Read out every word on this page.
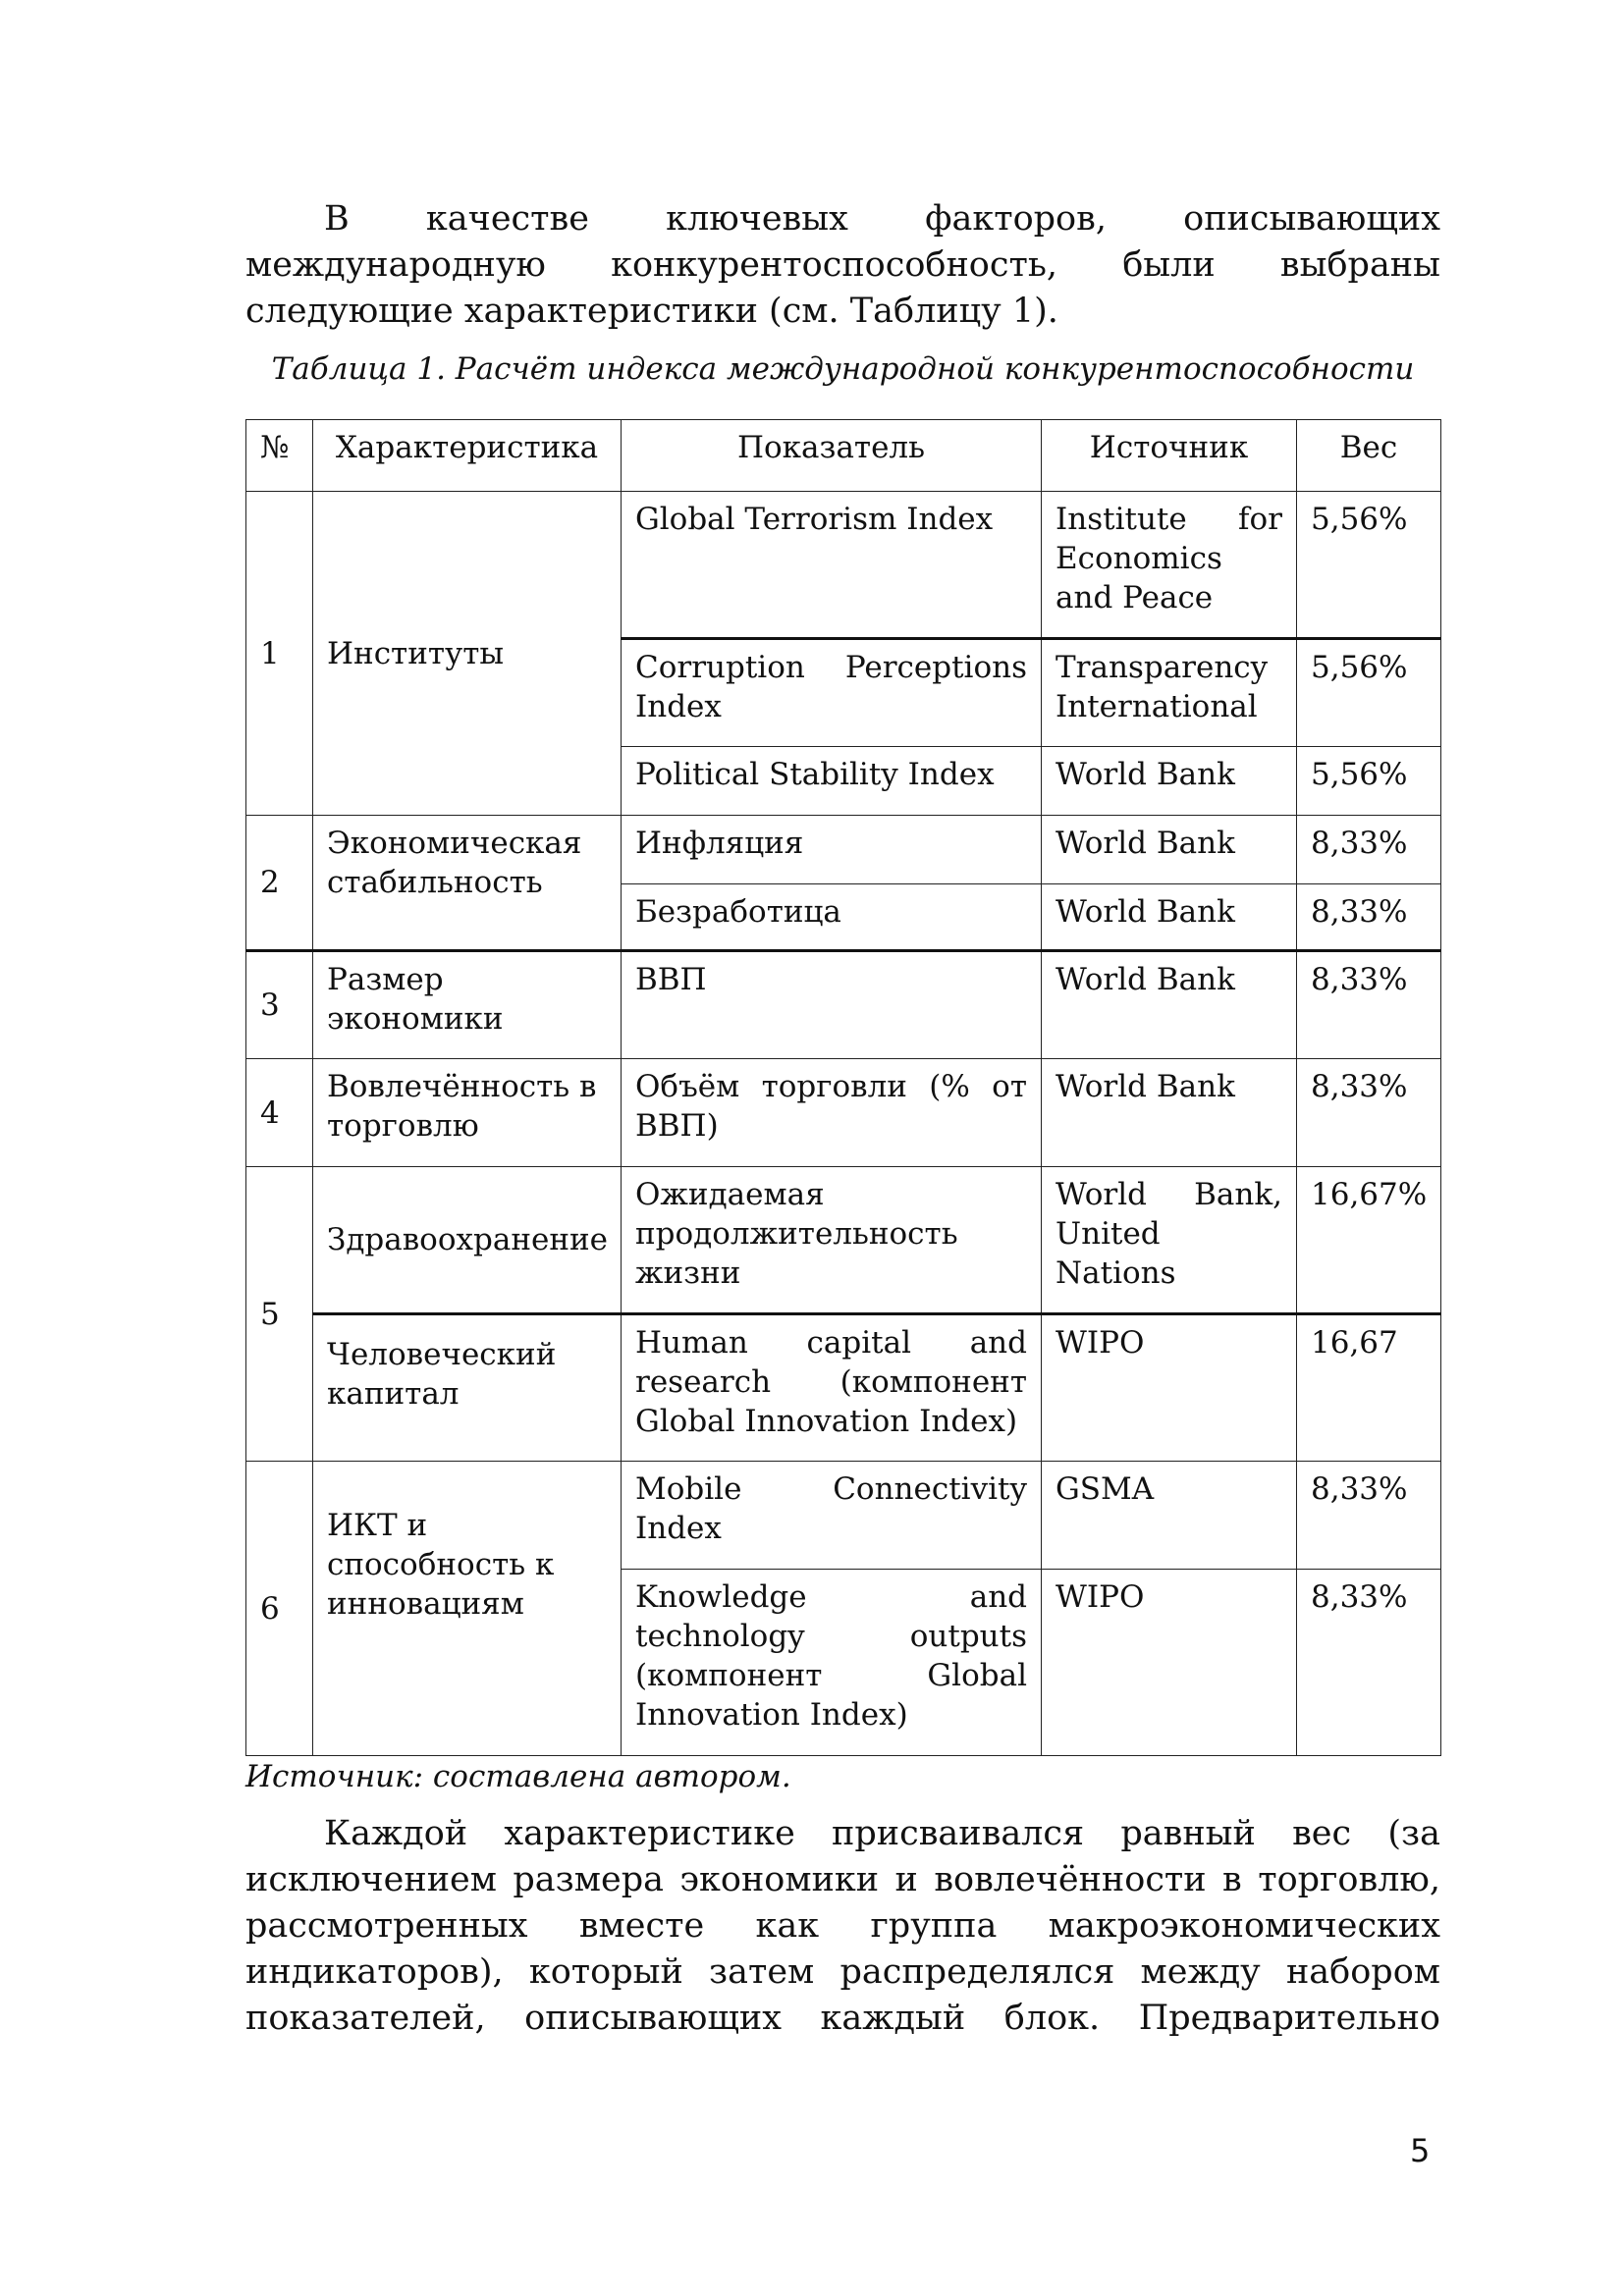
В качестве ключевых факторов, описывающих международную конкурентоспособность, были выбраны
следующие характеристики (см. Таблицу 1).
Таблица 1. Расчёт индекса международной конкурентоспособности
№	Характеристика	Показатель	Источник	Вес
1	Институты	Global Terrorism Index	Institute for Economics and Peace	5,56%
		Corruption Perceptions Index	Transparency International	5,56%
		Political Stability Index	World Bank	5,56%
2	Экономическая стабильность	Инфляция	World Bank	8,33%
		Безработица	World Bank	8,33%
3	Размер экономики	ВВП	World Bank	8,33%
4	Вовлечённость в торговлю	Объём торговли (% от ВВП)	World Bank	8,33%
5	Здравоохранение	Ожидаемая продолжительность жизни	World Bank, United Nations	16,67%
	Человеческий капитал	Human capital and research (компонент Global Innovation Index)	WIPO	16,67
6	ИКТ и способность к инновациям	Mobile Connectivity Index	GSMA	8,33%
		Knowledge and technology outputs (компонент Global Innovation Index)	WIPO	8,33%
Источник: составлена автором.
Каждой характеристике присваивался равный вес (за исключением размера экономики и вовлечённости в торговлю, рассмотренных вместе как группа макроэкономических индикаторов), который затем распределялся между набором показателей, описывающих каждый блок. Предварительно
5
